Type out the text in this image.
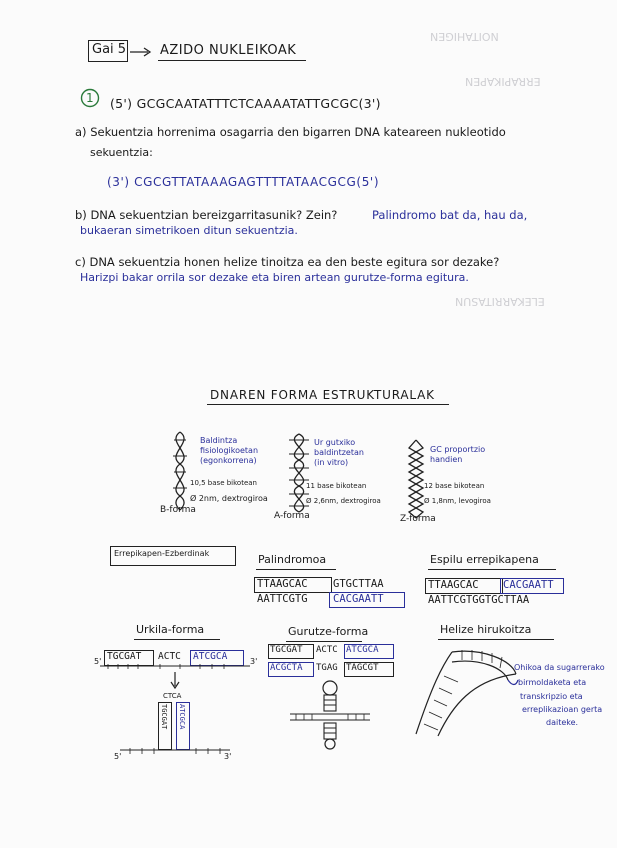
NOITAHIGEN
ERRAPIKAPEN
ELEKARRITASUN
Gai 5	AZIDO NUKLEIKOAK
1 (5') GCGCAATATTTCTCAAAATATTGCGC(3')
a) Sekuentzia horrenima osagarria den bigarren DNA kateareen nukleotido
sekuentzia:
(3') CGCGTTATAAAGAGTTTTATAACGCG(5')
b) DNA sekuentzian bereizgarritasunik? Zein?	Palindromo bat da, hau da,
bukaeran simetrikoen ditun sekuentzia.
c) DNA sekuentzia honen helize tinoitza ea den beste egitura sor dezake?
Harizpi bakar orrila sor dezake eta biren artean gurutze-forma egitura.
DNAREN FORMA ESTRUKTURALAK
Baldintza
fisiologikoetan
(egonkorrena)
10,5 base bikotean
Ø 2nm, dextrogiroa
B-forma
Ur gutxiko
baldintzetan
(in vitro)
11 base bikotean
Ø 2,6nm, dextrogiroa
A-forma
GC proportzio
handien
12 base bikotean
Ø 1,8nm, levogiroa
Z-forma
Errepikapen-Ezberdinak	Palindromoa
TTAAGCAC GTGCTTAA
AATTCGTG CACGAATT
Espilu errepikapena
TTAAGCAC CACGAATT
AATTCGTGGTGCTTAA
Urkila-forma
5' TGCGAT ACTC ATCGCA	3'
CTCA
TGCGAT ATCGCA
5'	3'
Gurutze-forma
TGCGAT ACTC ATCGCA
ACGCTA TGAG TAGCGT
Helize hirukoitza
Ohikoa da sugarrerako
birmoldaketa eta
transkripzio eta
erreplikazioan gerta
daiteke.
